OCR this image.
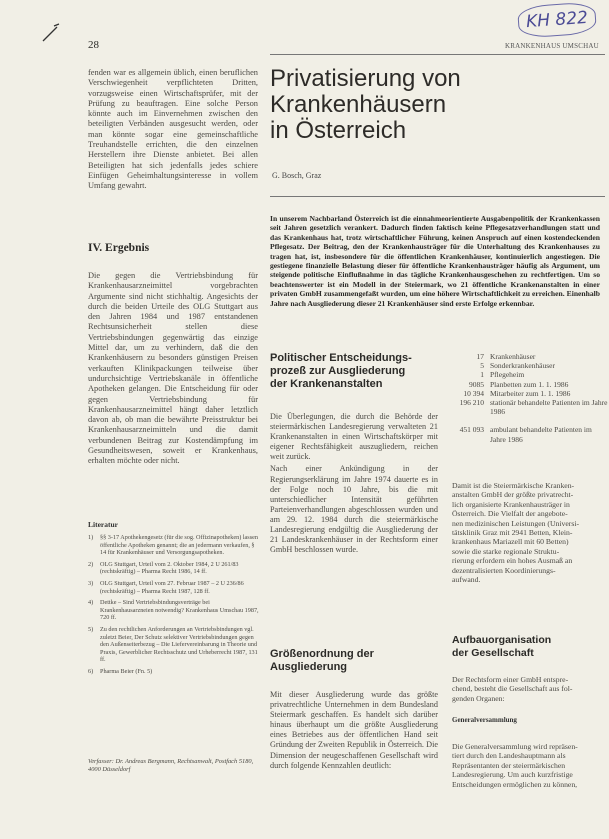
KH 822
28	KRANKENHAUS UMSCHAU

fenden war es allgemein üblich, einen beruflichen Verschwiegenheit verpflichteten Dritten, vorzugsweise einen Wirtschaftsprüfer, mit der Prüfung zu beauftragen. Eine solche Person könnte auch im Einvernehmen zwischen den beteiligten Verbänden ausgesucht werden, oder man könnte sogar eine gemeinschaftliche Treuhandstelle errichten, die den einzelnen Herstellern ihre Dienste anbietet. Bei allen Beteiligten hat sich jedenfalls jedes schiere Einfügen Geheimhaltungsinteresse in vollem Umfang gewahrt.

IV. Ergebnis

Die gegen die Vertriebsbindung für Krankenhausarzneimittel vorgebrachten Argumente sind nicht stichhaltig. Angesichts der durch die beiden Urteile des OLG Stuttgart aus den Jahren 1984 und 1987 entstandenen Rechtsunsicherheit stellen diese Vertriebsbindungen gegenwärtig das einzige Mittel dar, um zu verhindern, daß die den Krankenhäusern zu besonders günstigen Preisen verkauften Klinikpackungen teilweise über undurchsichtige Vertriebskanäle in öffentliche Apotheken gelangen. Die Entscheidung für oder gegen Vertriebsbindung für Krankenhausarzneimittel hängt daher letztlich davon ab, ob man die bewährte Preisstruktur bei Krankenhausarzneimitteln und die damit verbundenen Beitrag zur Kostendämpfung im Gesundheitswesen, soweit er Krankenhaus, erhalten möchte oder nicht.

Literatur
1)	§§ 3-17 Apothekengesetz (für die sog. Offizinapotheken) lassen öffentliche Apotheken genannt; die an jedermann verkaufen, § 14 für Krankenhäuser und Versorgungsapotheken.
2)	OLG Stuttgart, Urteil vom 2. Oktober 1984, 2 U 261/83 (rechtskräftig) – Pharma Recht 1986, 14 ff.
3)	OLG Stuttgart, Urteil vom 27. Februar 1987 – 2 U 236/86 (rechtskräftig) – Pharma Recht 1987, 128 ff.
4)	Dettke – Sind Vertriebsbindungsverträge bei Krankenhausarzneien notwendig? Krankenhaus Umschau 1987, 720 ff.
5)	Zu den rechtlichen Anforderungen an Vertriebsbindungen vgl. zuletzt Beier, Der Schutz selektiver Vertriebsbindungen gegen den Außenseiterbezug – Die Liefervereinbarung in Theorie und Praxis, Gewerblicher Rechtsschutz und Urheberrecht 1987, 131 ff.
6)	Pharma Beier (Fn. 5)
Verfasser: Dr. Andreas Bergmann, Rechtsanwalt, Postfach 5180, 4000 Düsseldorf
Privatisierung von
Krankenhäusern
in Österreich
G. Bosch, Graz
In unserem Nachbarland Österreich ist die einnahmeorientierte Ausgabenpolitik der Krankenkassen seit Jahren gesetzlich verankert. Dadurch finden faktisch keine Pflegesatzverhandlungen statt und das Krankenhaus hat, trotz wirtschaftlicher Führung, keinen Anspruch auf einen kostendeckenden Pflegesatz. Der Beitrag, den der Krankenhausträger für die Unterhaltung des Krankenhauses zu tragen hat, ist, insbesondere für die öffentlichen Krankenhäuser, kontinuierlich angestiegen. Die gestiegene finanzielle Belastung dieser für öffentliche Krankenhausträger häufig als Argument, um steigende politische Einflußnahme in das tägliche Krankenhausgeschehen zu rechtfertigen. Um so beachtenswerter ist ein Modell in der Steiermark, wo 21 öffentliche Krankenanstalten in einer privaten GmbH zusammengefaßt wurden, um eine höhere Wirtschaftlichkeit zu erreichen. Einenhalb Jahre nach Ausgliederung dieser 21 Krankenhäuser sind erste Erfolge erkennbar.
Politischer Entscheidungs-
prozeß zur Ausgliederung
der Krankenanstalten

Die Überlegungen, die durch die Behörde der steiermärkischen Landesregierung verwalteten 21 Krankenanstalten in einen Wirtschaftskörper mit eigener Rechtsfähigkeit auszugliedern, reichen weit zurück.

Nach einer Ankündigung in der Regierungserklärung im Jahre 1974 dauerte es in der Folge noch 10 Jahre, bis die mit unterschiedlicher Intensität geführten Parteienverhandlungen abgeschlossen wurden und am 29. 12. 1984 durch die steiermärkische Landesregierung endgültig die Ausgliederung der 21 Landeskrankenhäuser in der Rechtsform einer GmbH beschlossen wurde.

Größenordnung der
Ausgliederung

Mit dieser Ausgliederung wurde das größte privatrechtliche Unternehmen in dem Bundesland Steiermark geschaffen. Es handelt sich darüber hinaus überhaupt um die größte Ausgliederung eines Betriebes aus der öffentlichen Hand seit Gründung der Zweiten Republik in Österreich. Die Dimension der neugeschaffenen Gesellschaft wird durch folgende Kennzahlen deutlich:

17 Krankenhäuser
5 Sonderkrankenhäuser
1 Pflegeheim
9085 Planbetten zum 1. 1. 1986
10 394 Mitarbeiter zum 1. 1. 1986
196 210 stationär behandelte Patienten im Jahre 1986
451 093 ambulant behandelte Patienten im Jahre 1986
Damit ist die Steiermärkische Kranken-
anstalten GmbH der größte privatrecht-
lich organisierte Krankenhausträger in
Österreich. Die Vielfalt der angebote-
nen medizinischen Leistungen (Universi-
tätsklinik Graz mit 2941 Betten, Klein-
krankenhaus Mariazell mit 60 Betten)
sowie die starke regionale Struktu-
rierung erfordern ein hohes Ausmaß an
dezentralisierten Koordinierungs-
aufwand.
Aufbauorganisation
der Gesellschaft
Der Rechtsform einer GmbH entspre-
chend, besteht die Gesellschaft aus fol-
genden Organen:
Generalversammlung
Die Generalversammlung wird repräsen-
tiert durch den Landeshauptmann als
Repräsentanten der steiermärkischen
Landesregierung. Um auch kurzfristige
Entscheidungen ermöglichen zu können,
